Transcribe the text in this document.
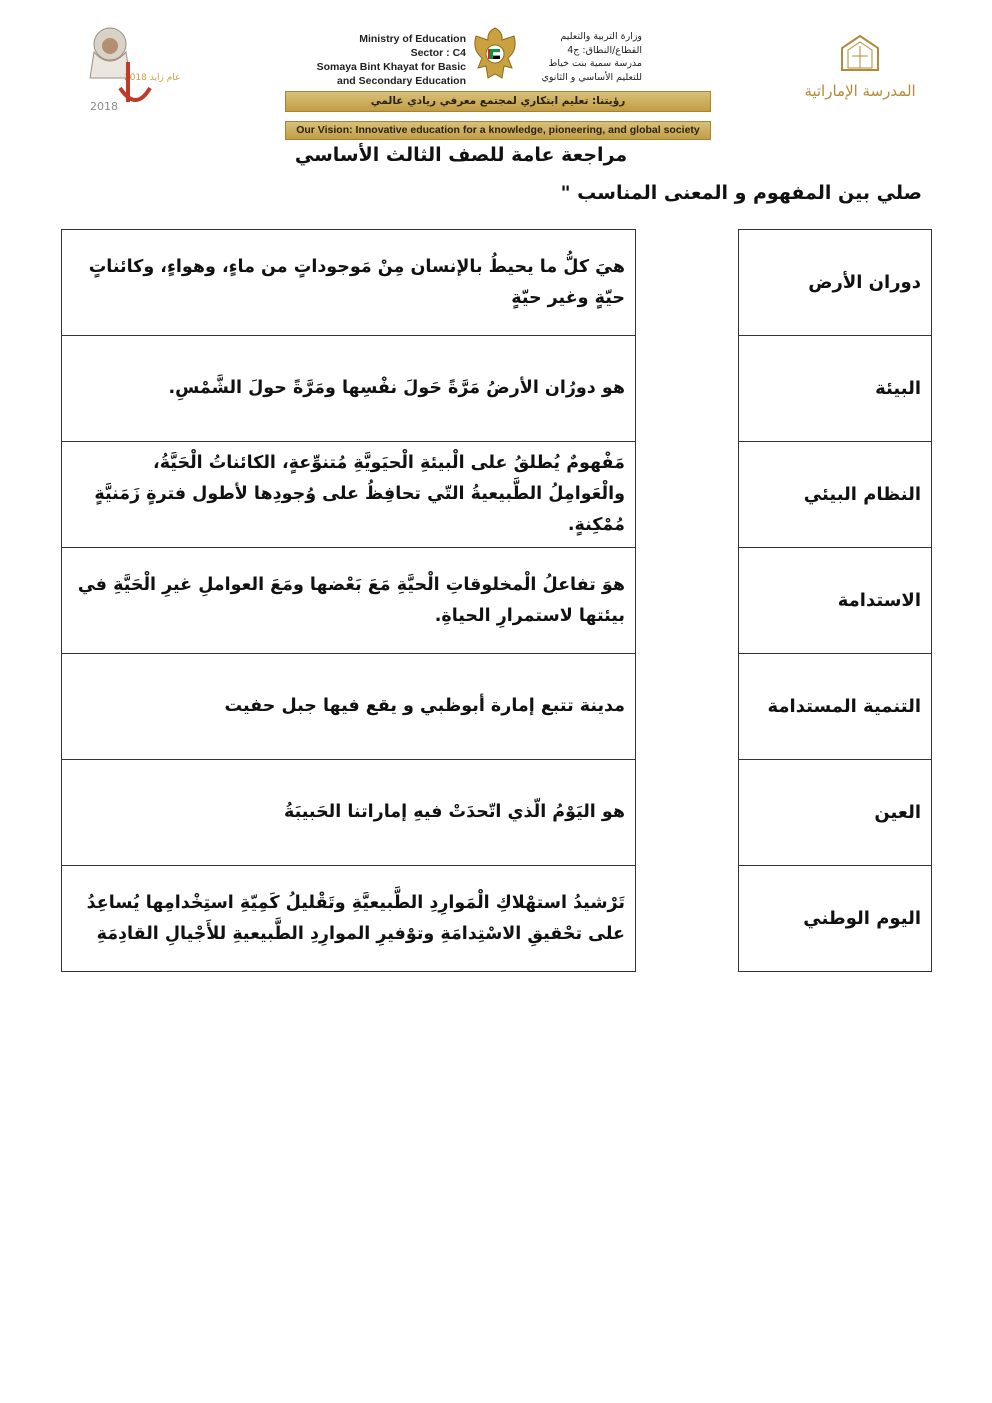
عام زايد 2018
2018
Ministry of Education
Sector : C4
Somaya Bint Khayat for Basic
and Secondary Education
وزارة التربية والتعليم
القطاع/النطاق: ج4
مدرسة سمية بنت خياط
للتعليم الأساسي و الثانوي
رؤيتنا: تعليم ابتكاري لمجتمع معرفي ريادي عالمي
Our Vision: Innovative education for a knowledge, pioneering, and global society
المدرسة الإماراتية
مراجعة عامة للصف الثالث الأساسي
صلي بين المفهوم و المعنى المناسب "
هيَ كلُّ ما يحيطُ بالإنسان مِنْ مَوجوداتٍ من ماءٍ، وهواءٍ، وكائناتٍ حيّةٍ وغير حيّةٍ
هو دورُان الأرضُ مَرَّةً حَولَ نفْسِها ومَرَّةً حولَ الشَّمْسِ.
مَفْهومٌ يُطلقُ على الْبيئةِ الْحيَويَّةِ مُتنوِّعةٍ، الكائناتُ الْحَيَّةُ، والْعَوامِلُ الطَّبيعيةُ التّي تحافِظُ على وُجودِها لأطول فترةٍ زَمَنيَّةٍ مُمْكِنةٍ.
هوَ تفاعلُ الْمخلوقاتِ الْحيَّةِ مَعَ بَعْضها ومَعَ العواملِ غيرِ الْحَيَّةِ في بيئتها لاستمرارِ الحياةِ.
مدينة تتبع إمارة أبوظبي و يقع فيها جبل حفيت
هو اليَوْمُ الّذي اتّحدَتْ فيهِ إماراتنا الحَبيبَةُ
تَرْشيدُ استهْلاكِ الْمَوارِدِ الطَّبيعيَّةِ وتَقْليلُ كَمِيّةِ استِخْدامِها يُساعِدُ على تحْقيقِ الاسْتِدامَةِ وتوْفيرِ الموارِدِ الطَّبيعيةِ للأَجْيالِ القادِمَةِ
دوران الأرض
البيئة
النظام البيئي
الاستدامة
التنمية المستدامة
العين
اليوم الوطني
